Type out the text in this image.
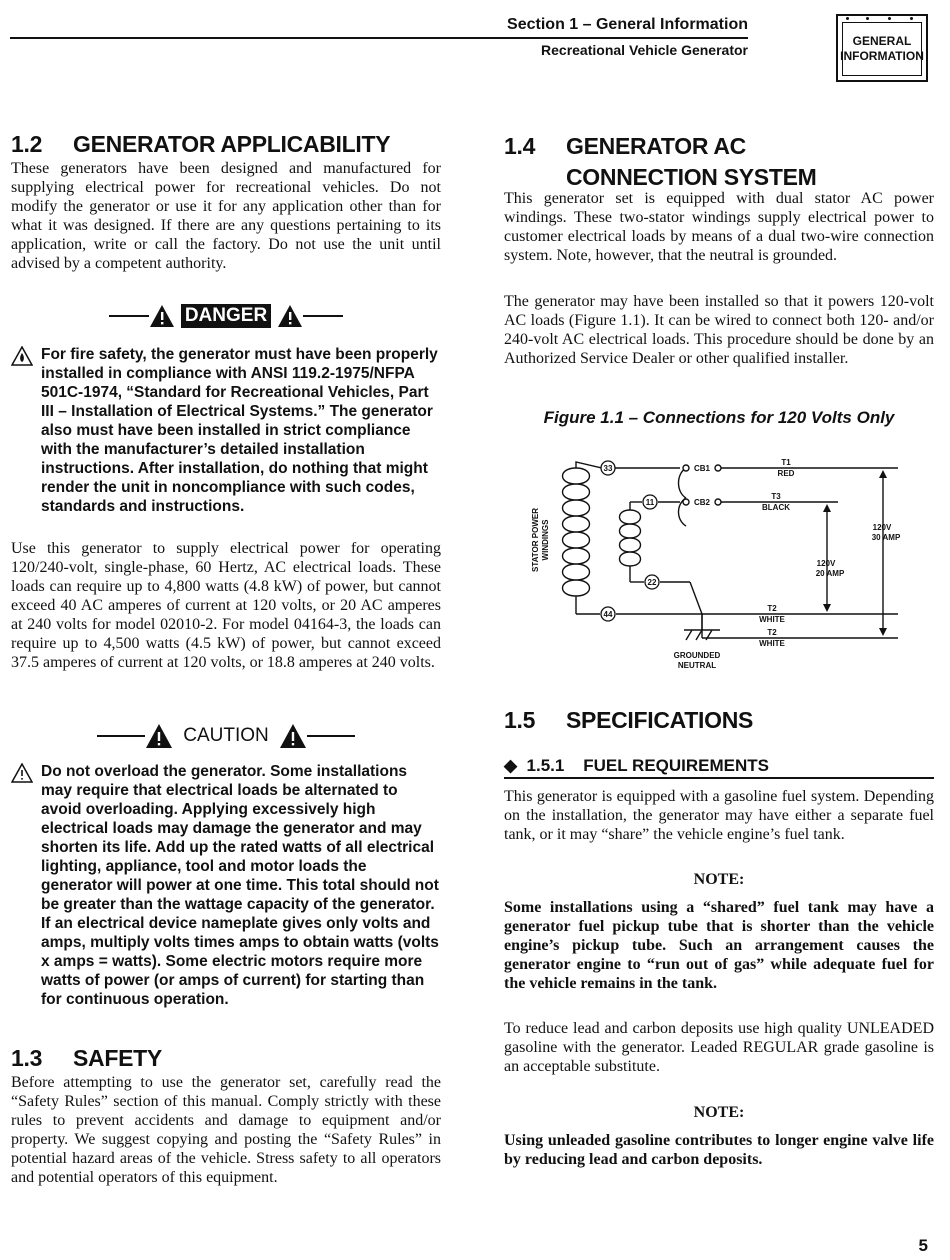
Section 1 – General Information
Recreational Vehicle Generator
GENERAL
INFORMATION
1.2 GENERATOR APPLICABILITY
These generators have been designed and manufactured for supplying electrical power for recreational vehicles. Do not modify the generator or use it for any application other than for what it was designed. If there are any questions pertaining to its application, write or call the factory. Do not use the unit until advised by a competent authority.
DANGER
For fire safety, the generator must have been properly installed in compliance with ANSI 119.2-1975/NFPA 501C-1974, “Standard for Recreational Vehicles, Part III – Installation of Electrical Systems.” The generator also must have been installed in strict compliance with the manufacturer’s detailed installation instructions. After installation, do nothing that might render the unit in noncompliance with such codes, standards and instructions.
Use this generator to supply electrical power for operating 120/240-volt, single-phase, 60 Hertz, AC electrical loads. These loads can require up to 4,800 watts (4.8 kW) of power, but cannot exceed 40 AC amperes of current at 120 volts, or 20 AC amperes at 240 volts for model 02010-2. For model 04164-3, the loads can require up to 4,500 watts (4.5 kW) of power, but cannot exceed 37.5 amperes of current at 120 volts, or 18.8 amperes at 240 volts.
CAUTION
Do not overload the generator. Some installations may require that electrical loads be alternated to avoid overloading. Applying excessively high electrical loads may damage the generator and may shorten its life. Add up the rated watts of all electrical lighting, appliance, tool and motor loads the generator will power at one time. This total should not be greater than the wattage capacity of the generator. If an electrical device nameplate gives only volts and amps, multiply volts times amps to obtain watts (volts x amps = watts). Some electric motors require more watts of power (or amps of current) for starting than for continuous operation.
1.3 SAFETY
Before attempting to use the generator set, carefully read the “Safety Rules” section of this manual. Comply strictly with these rules to prevent accidents and damage to equipment and/or property. We suggest copying and posting the “Safety Rules” in potential hazard areas of the vehicle. Stress safety to all operators and potential operators of this equipment.
1.4 GENERATOR AC
CONNECTION SYSTEM
This generator set is equipped with dual stator AC power windings. These two-stator windings supply electrical power to customer electrical loads by means of a dual two-wire connection system. Note, however, that the neutral is grounded.
The generator may have been installed so that it powers 120-volt AC loads (Figure 1.1). It can be wired to connect both 120- and/or 240-volt AC electrical loads. This procedure should be done by an Authorized Service Dealer or other qualified installer.
Figure 1.1 – Connections for 120 Volts Only
33
11
22
44
CB1
CB2
T1
RED
T3
BLACK
T2
WHITE
T2
WHITE
120V
20 AMP
120V
30 AMP
GROUNDED
NEUTRAL
STATOR POWER WINDINGS
1.5 SPECIFICATIONS
◆ 1.5.1 FUEL REQUIREMENTS
This generator is equipped with a gasoline fuel system. Depending on the installation, the generator may have either a separate fuel tank, or it may “share” the vehicle engine’s fuel tank.
NOTE:
Some installations using a “shared” fuel tank may have a generator fuel pickup tube that is shorter than the vehicle engine’s pickup tube. Such an arrangement causes the generator engine to “run out of gas” while adequate fuel for the vehicle remains in the tank.
To reduce lead and carbon deposits use high quality UNLEADED gasoline with the generator. Leaded REGULAR grade gasoline is an acceptable substitute.
NOTE:
Using unleaded gasoline contributes to longer engine valve life by reducing lead and carbon deposits.
5
